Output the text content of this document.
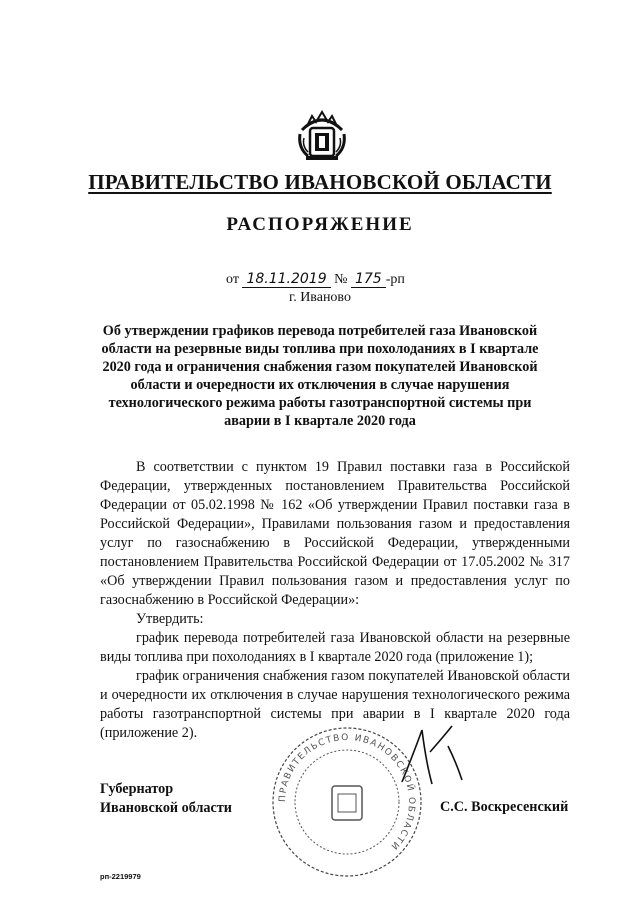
ПРАВИТЕЛЬСТВО ИВАНОВСКОЙ ОБЛАСТИ
РАСПОРЯЖЕНИЕ
от 18.11.2019 № 175 -рп
г. Иваново
Об утверждении графиков перевода потребителей газа Ивановской области на резервные виды топлива при похолоданиях в I квартале 2020 года и ограничения снабжения газом покупателей Ивановской области и очередности их отключения в случае нарушения технологического режима работы газотранспортной системы при аварии в I квартале 2020 года

В соответствии с пунктом 19 Правил поставки газа в Российской Федерации, утвержденных постановлением Правительства Российской Федерации от 05.02.1998 № 162 «Об утверждении Правил поставки газа в Российской Федерации», Правилами пользования газом и предоставления услуг по газоснабжению в Российской Федерации, утвержденными постановлением Правительства Российской Федерации от 17.05.2002 № 317 «Об утверждении Правил пользования газом и предоставления услуг по газоснабжению в Российской Федерации»:

Утвердить:

график перевода потребителей газа Ивановской области на резервные виды топлива при похолоданиях в I квартале 2020 года (приложение 1);

график ограничения снабжения газом покупателей Ивановской области и очередности их отключения в случае нарушения технологического режима работы газотранспортной системы при аварии в I квартале 2020 года (приложение 2).

ПРАВИТЕЛЬСТВО ИВАНОВСКОЙ ОБЛАСТИ
Губернатор
Ивановской области	С.С. Воскресенский
рп-2219979
